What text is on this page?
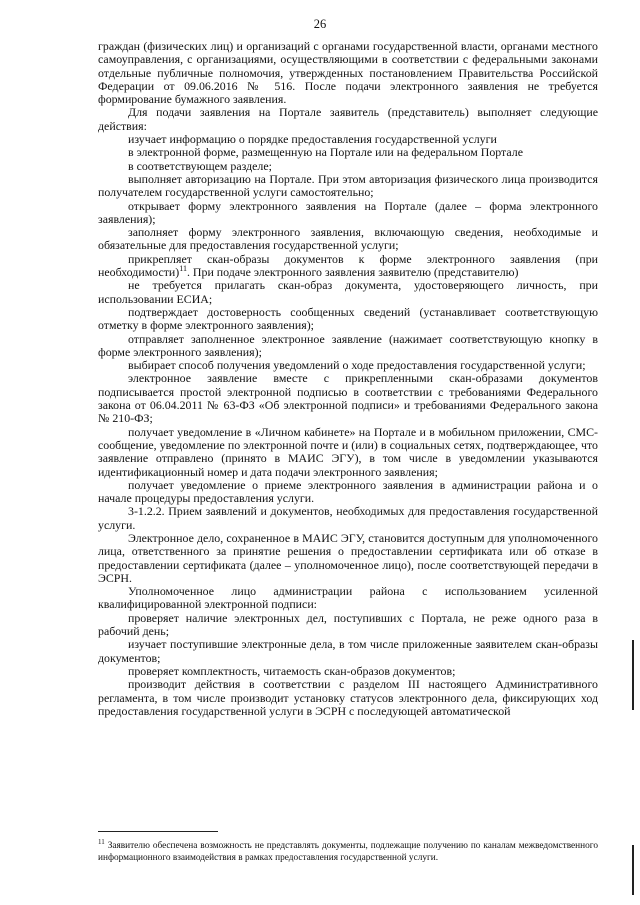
26

граждан (физических лиц) и организаций с органами государственной власти, органами местного самоуправления, с организациями, осуществляющими в соответствии с федеральными законами отдельные публичные полномочия, утвержденных постановлением Правительства Российской Федерации от 09.06.2016 № 516. После подачи электронного заявления не требуется формирование бумажного заявления.

Для подачи заявления на Портале заявитель (представитель) выполняет следующие действия:

изучает информацию о порядке предоставления государственной услуги

в электронной форме, размещенную на Портале или на федеральном Портале

в соответствующем разделе;

выполняет авторизацию на Портале. При этом авторизация физического лица производится получателем государственной услуги самостоятельно;

открывает форму электронного заявления на Портале (далее – форма электронного заявления);

заполняет форму электронного заявления, включающую сведения, необходимые и обязательные для предоставления государственной услуги;

прикрепляет скан-образы документов к форме электронного заявления (при необходимости)$^{11}$. При подаче электронного заявления заявителю (представителю)

не требуется прилагать скан-образ документа, удостоверяющего личность, при использовании ЕСИА;

подтверждает достоверность сообщенных сведений (устанавливает соответствующую отметку в форме электронного заявления);

отправляет заполненное электронное заявление (нажимает соответствующую кнопку в форме электронного заявления);

выбирает способ получения уведомлений о ходе предоставления государственной услуги;

электронное заявление вместе с прикрепленными скан-образами документов подписывается простой электронной подписью в соответствии с требованиями Федерального закона от 06.04.2011 № 63-ФЗ «Об электронной подписи» и требованиями Федерального закона № 210-ФЗ;

получает уведомление в «Личном кабинете» на Портале и в мобильном приложении, СМС-сообщение, уведомление по электронной почте и (или) в социальных сетях, подтверждающее, что заявление отправлено (принято в МАИС ЭГУ), в том числе в уведомлении указываются идентификационный номер и дата подачи электронного заявления;

получает уведомление о приеме электронного заявления в администрации района и о начале процедуры предоставления услуги.

3-1.2.2. Прием заявлений и документов, необходимых для предоставления государственной услуги.

Электронное дело, сохраненное в МАИС ЭГУ, становится доступным для уполномоченного лица, ответственного за принятие решения о предоставлении сертификата или об отказе в предоставлении сертификата (далее – уполномоченное лицо), после соответствующей передачи в ЭСРН.

Уполномоченное лицо администрации района с использованием усиленной квалифицированной электронной подписи:

проверяет наличие электронных дел, поступивших с Портала, не реже одного раза в рабочий день;

изучает поступившие электронные дела, в том числе приложенные заявителем скан-образы документов;

проверяет комплектность, читаемость скан-образов документов;

производит действия в соответствии с разделом III настоящего Административного регламента, в том числе производит установку статусов электронного дела, фиксирующих ход предоставления государственной услуги в ЭСРН с последующей автоматической

$^{11}$ Заявителю обеспечена возможность не представлять документы, подлежащие получению по каналам межведомственного информационного взаимодействия в рамках предоставления государственной услуги.
